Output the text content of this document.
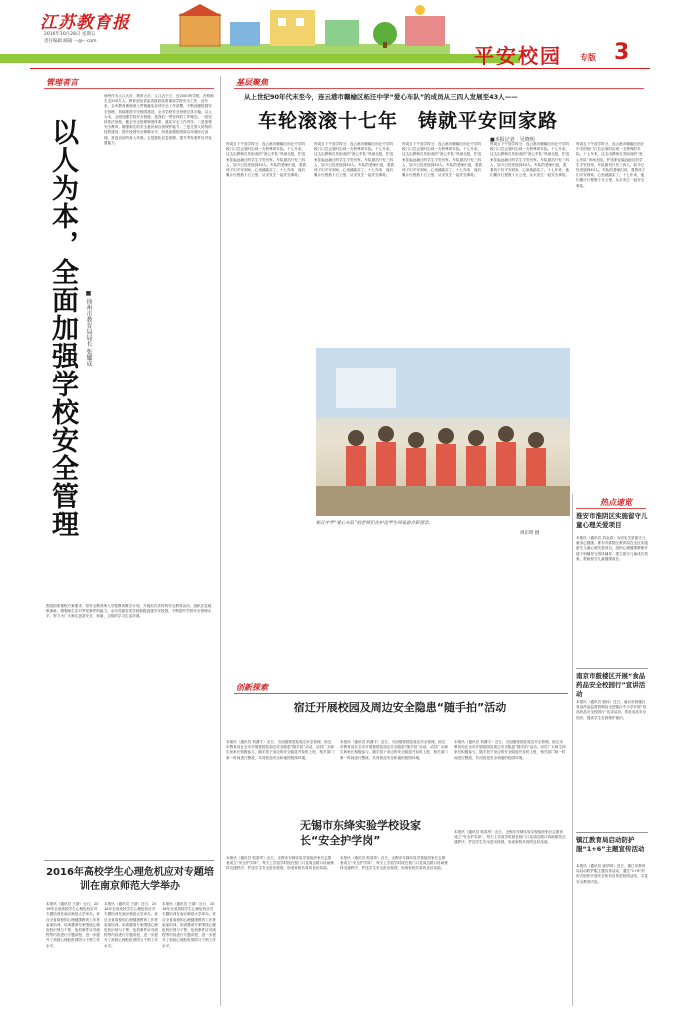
江苏教育报
2016年10月28日 星期五
责任编辑 邮箱 ···@···com
平安校园 专版 3
管理者言
以人为本，全面加强学校安全管理 ■ 徐州市教育局局长 张耀成
徐州作为人口大市、教育大市，人口近千万，近2000所学校，在校师生近200万人。教育部及省委省政府高度重视学校安全工作，近年来，全市教育系统深入贯彻落实各项安全工作部署，不断加强校园安全管理，持续推进平安校园建设，全市学校安全形势总体平稳。以人为本，全面加强学校安全管理，是我们一贯坚持的工作理念。一是坚持依法治校，健全安全管理制度体系，落实安全工作责任；二是加强安全教育，增强师生的安全意识和自我保护能力；三是完善人防物防技防建设，提升校园安全保障水平；四是加强校园周边环境综合治理，营造良好的育人环境；五是强化应急管理，提升突发事件应对处置能力。
围绕国家课程方案要求，将安全教育纳入学校教育教学计划，开展形式多样的安全教育活动，组织应急疏散演练，增强师生应对突发事件的能力。全市各级各类学校积极创建平安校园，不断提升学校安全管理水平，努力为广大师生创造安全、和谐、文明的学习生活环境。
基层聚焦
从上世纪90年代末至今，连云港市赣榆区柘汪中学“爱心车队”的成员从三四人发展至43人——
车轮滚滚十七年　铸就平安回家路
■本报记者　吴晓明
每周五下午放学时分，连云港市赣榆区柘汪中学的校门口总会准时出现一支特殊的车队。十七年来，这支由教师自发组成的“爱心车队”风雨无阻，护送家住偏远地区的学生平安回家。车队最初只有三四人，如今已经发展到43人。车队的老师们说，看着孩子们平安到家，心里就踏实了。十七年来，他们累计行程数十万公里，从未发生一起安全事故。
每周五下午放学时分，连云港市赣榆区柘汪中学的校门口总会准时出现一支特殊的车队。十七年来，这支由教师自发组成的“爱心车队”风雨无阻，护送家住偏远地区的学生平安回家。车队最初只有三四人，如今已经发展到43人。车队的老师们说，看着孩子们平安到家，心里就踏实了。十七年来，他们累计行程数十万公里，从未发生一起安全事故。
每周五下午放学时分，连云港市赣榆区柘汪中学的校门口总会准时出现一支特殊的车队。十七年来，这支由教师自发组成的“爱心车队”风雨无阻，护送家住偏远地区的学生平安回家。车队最初只有三四人，如今已经发展到43人。车队的老师们说，看着孩子们平安到家，心里就踏实了。十七年来，他们累计行程数十万公里，从未发生一起安全事故。
每周五下午放学时分，连云港市赣榆区柘汪中学的校门口总会准时出现一支特殊的车队。十七年来，这支由教师自发组成的“爱心车队”风雨无阻，护送家住偏远地区的学生平安回家。车队最初只有三四人，如今已经发展到43人。车队的老师们说，看着孩子们平安到家，心里就踏实了。十七年来，他们累计行程数十万公里，从未发生一起安全事故。
每周五下午放学时分，连云港市赣榆区柘汪中学的校门口总会准时出现一支特殊的车队。十七年来，这支由教师自发组成的“爱心车队”风雨无阻，护送家住偏远地区的学生平安回家。车队最初只有三四人，如今已经发展到43人。车队的老师们说，看着孩子们平安到家，心里就踏实了。十七年来，他们累计行程数十万公里，从未发生一起安全事故。
柘汪中学“爱心车队”的老师们在护送学生回家前合影留念。
周东明 摄
热点速览
淮安市淮阴区实施留守儿童心理关爱项目
本报讯（通讯员 刘金春）为切实关爱留守儿童身心健康，淮安市淮阴区教育局在全区实施留守儿童心理关爱项目，组织心理健康教师开展个别辅导与团体辅导，建立留守儿童成长档案，帮助留守儿童健康成长。
南京市鼓楼区开展“食品药品安全校园行”宣讲活动
本报讯（通讯员 谢伟）近日，南京市鼓楼区食品药品监督管理局走进辖区中小学开展“食品药品安全校园行”宣讲活动，普及食品安全知识，提高学生自我保护意识。
镇江教育局启动防护服“1+6”主题宣传活动
本报讯（通讯员 唐华明）近日，镇江市教育局启动防护服主题宣传活动，通过“1+6”的形式组织开展安全知识宣传进校园活动，丰富安全教育内容。
创新探索
宿迁开展校园及周边安全隐患“随手拍”活动
本报讯（通讯员 刘潇宇）近日，为加强校园及周边安全管理，宿迁市教育局在全市开展校园及周边安全隐患“随手拍”活动，动员广大师生和家长积极参与，随手拍下身边的安全隐患并及时上报，相关部门第一时间进行整改，共同营造安全和谐的校园环境。
本报讯（通讯员 刘潇宇）近日，为加强校园及周边安全管理，宿迁市教育局在全市开展校园及周边安全隐患“随手拍”活动，动员广大师生和家长积极参与，随手拍下身边的安全隐患并及时上报，相关部门第一时间进行整改，共同营造安全和谐的校园环境。
本报讯（通讯员 刘潇宇）近日，为加强校园及周边安全管理，宿迁市教育局在全市开展校园及周边安全隐患“随手拍”活动，动员广大师生和家长积极参与，随手拍下身边的安全隐患并及时上报，相关部门第一时间进行整改，共同营造安全和谐的校园环境。
无锡市东绛实验学校设家长“安全护学岗”
本报讯（通讯员 郭春华）近日，无锡市东绛实验学校组织家长志愿者成立“安全护学岗”，每天上学放学时段在校门口及周边路口协助维持交通秩序，护送学生安全进出校园，形成家校共育的良好局面。
本报讯（通讯员 郭春华）近日，无锡市东绛实验学校组织家长志愿者成立“安全护学岗”，每天上学放学时段在校门口及周边路口协助维持交通秩序，护送学生安全进出校园，形成家校共育的良好局面。
本报讯（通讯员 郭春华）近日，无锡市东绛实验学校组织家长志愿者成立“安全护学岗”，每天上学放学时段在校门口及周边路口协助维持交通秩序，护送学生安全进出校园，形成家校共育的良好局面。
2016年高校学生心理危机应对专题培训在南京师范大学举办
本报讯（通讯员 王婧）近日，2016年全省高校学生心理危机应对专题培训在南京师范大学举办。来自全省高校的心理健康教育工作者参加培训。培训邀请专家围绕心理危机识别与干预、危机事件应对流程等内容进行专题讲授，进一步提升了高校心理危机预防与干预工作水平。
本报讯（通讯员 王婧）近日，2016年全省高校学生心理危机应对专题培训在南京师范大学举办。来自全省高校的心理健康教育工作者参加培训。培训邀请专家围绕心理危机识别与干预、危机事件应对流程等内容进行专题讲授，进一步提升了高校心理危机预防与干预工作水平。
本报讯（通讯员 王婧）近日，2016年全省高校学生心理危机应对专题培训在南京师范大学举办。来自全省高校的心理健康教育工作者参加培训。培训邀请专家围绕心理危机识别与干预、危机事件应对流程等内容进行专题讲授，进一步提升了高校心理危机预防与干预工作水平。
